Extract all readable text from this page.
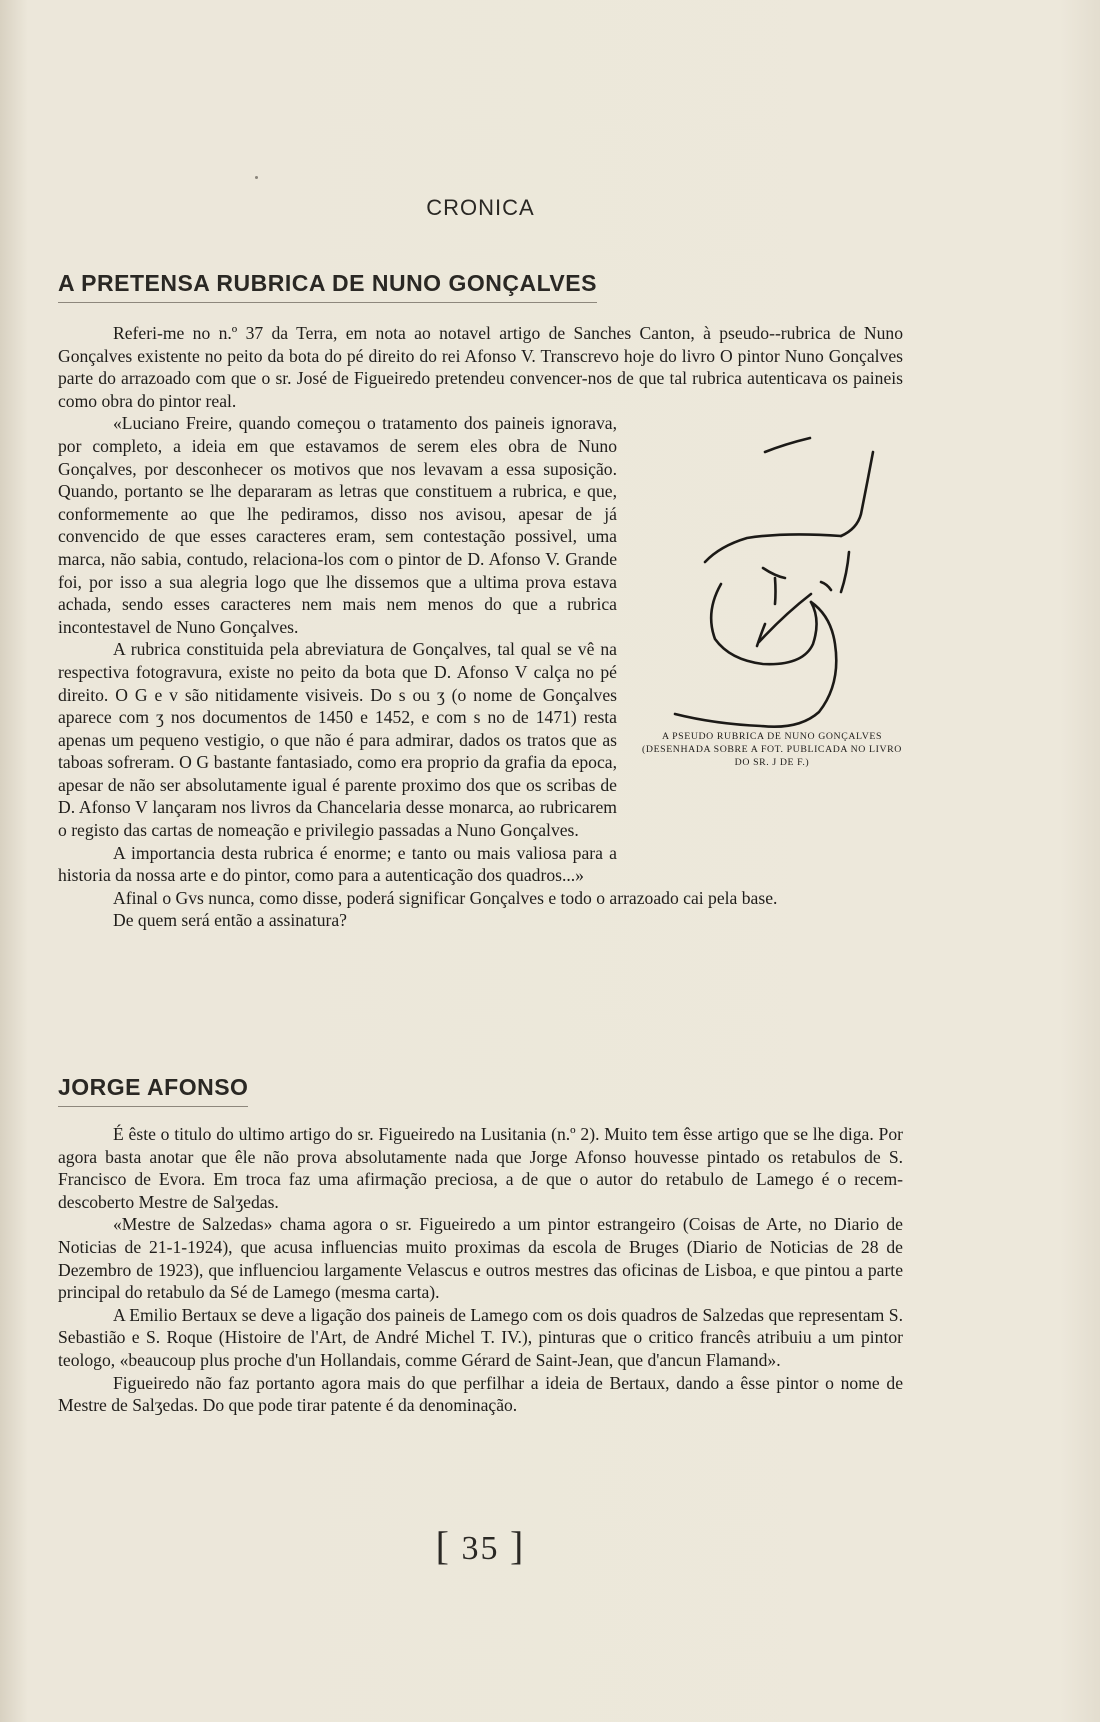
CRONICA
A PRETENSA RUBRICA DE NUNO GONÇALVES

Referi-me no n.º 37 da Terra, em nota ao notavel artigo de Sanches Canton, à pseudo--rubrica de Nuno Gonçalves existente no peito da bota do pé direito do rei Afonso V. Transcrevo hoje do livro O pintor Nuno Gonçalves parte do arrazoado com que o sr. José de Figueiredo pretendeu convencer-nos de que tal rubrica autenticava os paineis como obra do pintor real.

A PSEUDO RUBRICA DE NUNO GONÇALVES (DESENHADA SOBRE A FOT. PUBLICADA NO LIVRO DO SR. J DE F.)

«Luciano Freire, quando começou o tratamento dos paineis ignorava, por completo, a ideia em que estavamos de serem eles obra de Nuno Gonçalves, por desconhecer os motivos que nos levavam a essa suposição. Quando, portanto se lhe depararam as letras que constituem a rubrica, e que, conformemente ao que lhe pediramos, disso nos avisou, apesar de já convencido de que esses caracteres eram, sem contestação possivel, uma marca, não sabia, contudo, relaciona-los com o pintor de D. Afonso V. Grande foi, por isso a sua alegria logo que lhe dissemos que a ultima prova estava achada, sendo esses caracteres nem mais nem menos do que a rubrica incontestavel de Nuno Gonçalves.

A rubrica constituida pela abreviatura de Gonçalves, tal qual se vê na respectiva fotogravura, existe no peito da bota que D. Afonso V calça no pé direito. O G e v são nitidamente visiveis. Do s ou ʒ (o nome de Gonçalves aparece com ʒ nos documentos de 1450 e 1452, e com s no de 1471) resta apenas um pequeno vestigio, o que não é para admirar, dados os tratos que as taboas sofreram. O G bastante fantasiado, como era proprio da grafia da epoca, apesar de não ser absolutamente igual é parente proximo dos que os scribas de D. Afonso V lançaram nos livros da Chancelaria desse monarca, ao rubricarem o registo das cartas de nomeação e privilegio passadas a Nuno Gonçalves.

A importancia desta rubrica é enorme; e tanto ou mais valiosa para a historia da nossa arte e do pintor, como para a autenticação dos quadros...»

Afinal o Gvs nunca, como disse, poderá significar Gonçalves e todo o arrazoado cai pela base.

De quem será então a assinatura?

JORGE AFONSO

É êste o titulo do ultimo artigo do sr. Figueiredo na Lusitania (n.º 2). Muito tem êsse artigo que se lhe diga. Por agora basta anotar que êle não prova absolutamente nada que Jorge Afonso houvesse pintado os retabulos de S. Francisco de Evora. Em troca faz uma afirmação preciosa, a de que o autor do retabulo de Lamego é o recem-descoberto Mestre de Salʒedas.

«Mestre de Salzedas» chama agora o sr. Figueiredo a um pintor estrangeiro (Coisas de Arte, no Diario de Noticias de 21-1-1924), que acusa influencias muito proximas da escola de Bruges (Diario de Noticias de 28 de Dezembro de 1923), que influenciou largamente Velascus e outros mestres das oficinas de Lisboa, e que pintou a parte principal do retabulo da Sé de Lamego (mesma carta).

A Emilio Bertaux se deve a ligação dos paineis de Lamego com os dois quadros de Salzedas que representam S. Sebastião e S. Roque (Histoire de l'Art, de André Michel T. IV.), pinturas que o critico francês atribuiu a um pintor teologo, «beaucoup plus proche d'un Hollandais, comme Gérard de Saint-Jean, que d'ancun Flamand».

Figueiredo não faz portanto agora mais do que perfilhar a ideia de Bertaux, dando a êsse pintor o nome de Mestre de Salʒedas. Do que pode tirar patente é da denominação.

[ 35 ]
